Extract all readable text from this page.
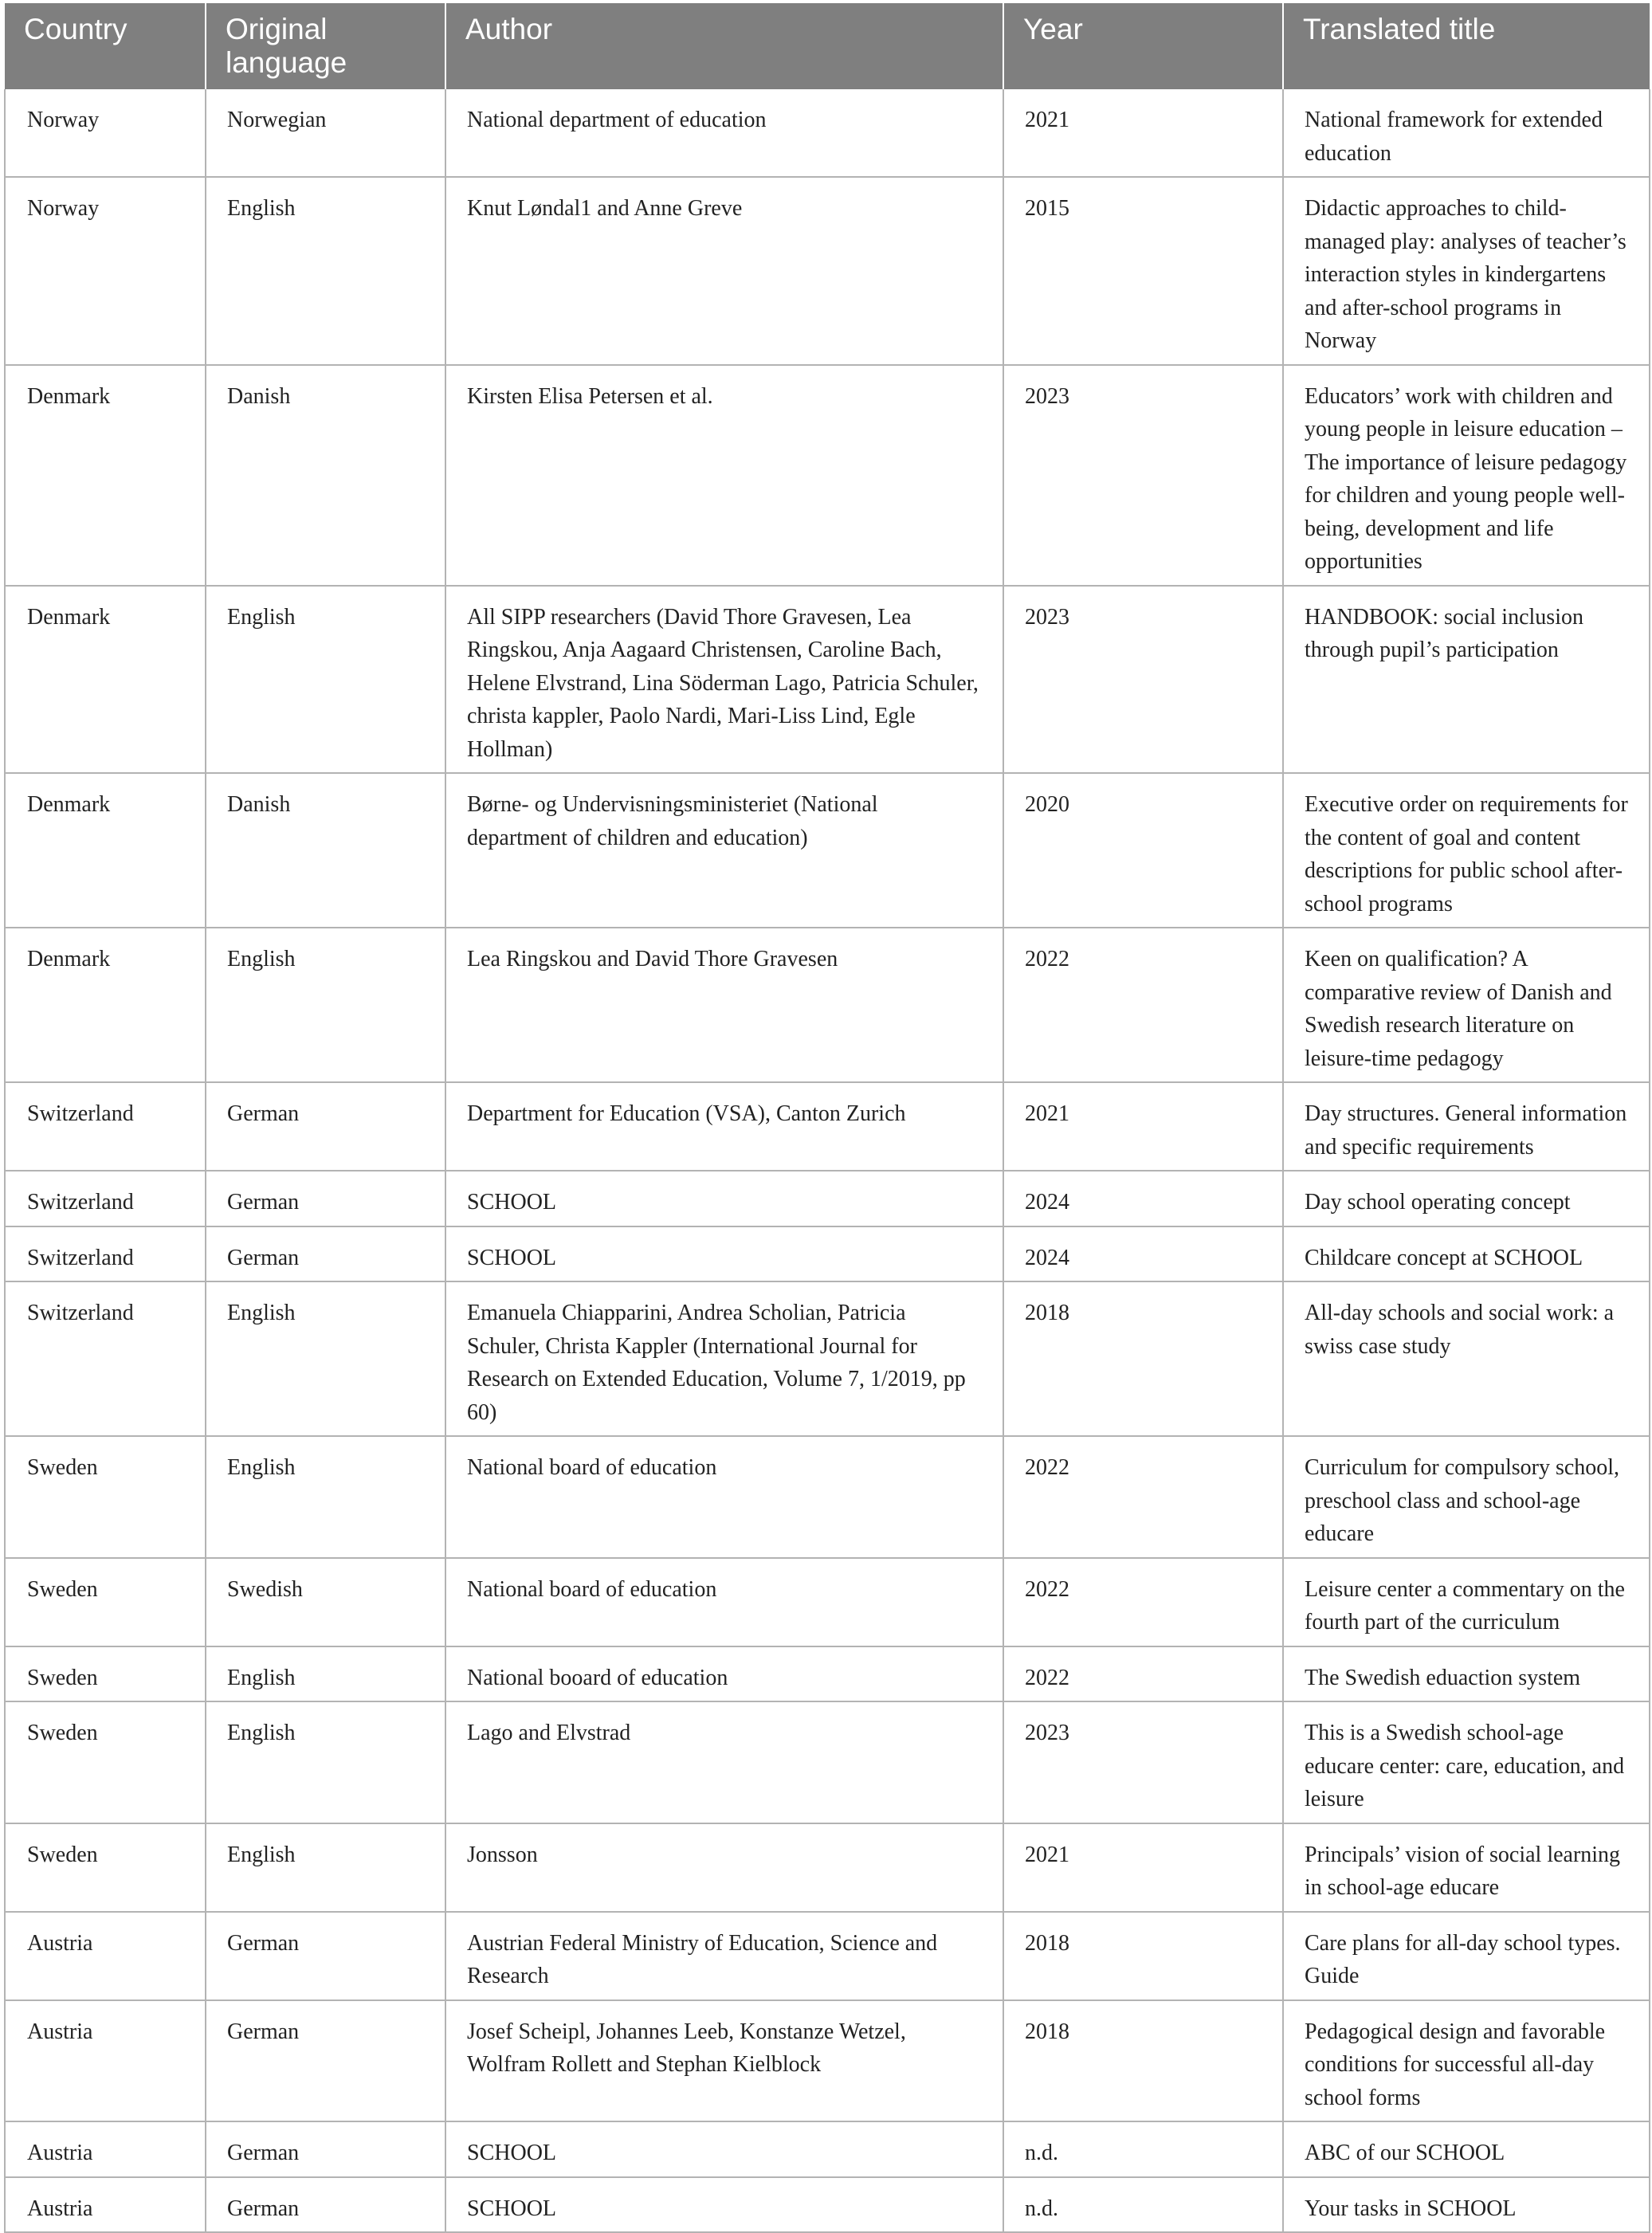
Country	Original language	Author	Year	Translated title
Norway	Norwegian	National department of education	2021	National framework for extended education
Norway	English	Knut Løndal1 and Anne Greve	2015	Didactic approaches to child-managed play: analyses of teacher’s interaction styles in kindergartens and after-school programs in Norway
Denmark	Danish	Kirsten Elisa Petersen et al.	2023	Educators’ work with children and young people in leisure education – The importance of leisure pedagogy for children and young people well-being, development and life opportunities
Denmark	English	All SIPP researchers (David Thore Gravesen, Lea Ringskou, Anja Aagaard Christensen, Caroline Bach, Helene Elvstrand, Lina Söderman Lago, Patricia Schuler, christa kappler, Paolo Nardi, Mari-Liss Lind, Egle Hollman)	2023	HANDBOOK: social inclusion through pupil’s participation
Denmark	Danish	Børne- og Undervisningsministeriet (National department of children and education)	2020	Executive order on requirements for the content of goal and content descriptions for public school after-school programs
Denmark	English	Lea Ringskou and David Thore Gravesen	2022	Keen on qualification? A comparative review of Danish and Swedish research literature on leisure-time pedagogy
Switzerland	German	Department for Education (VSA), Canton Zurich	2021	Day structures. General information and specific requirements
Switzerland	German	SCHOOL	2024	Day school operating concept
Switzerland	German	SCHOOL	2024	Childcare concept at SCHOOL
Switzerland	English	Emanuela Chiapparini, Andrea Scholian, Patricia Schuler, Christa Kappler (International Journal for Research on Extended Education, Volume 7, 1/2019, pp 60)	2018	All-day schools and social work: a swiss case study
Sweden	English	National board of education	2022	Curriculum for compulsory school, preschool class and school-age educare
Sweden	Swedish	National board of education	2022	Leisure center a commentary on the fourth part of the curriculum
Sweden	English	National booard of education	2022	The Swedish eduaction system
Sweden	English	Lago and Elvstrad	2023	This is a Swedish school-age educare center: care, education, and leisure
Sweden	English	Jonsson	2021	Principals’ vision of social learning in school-age educare
Austria	German	Austrian Federal Ministry of Education, Science and Research	2018	Care plans for all-day school types. Guide
Austria	German	Josef Scheipl, Johannes Leeb, Konstanze Wetzel, Wolfram Rollett and Stephan Kielblock	2018	Pedagogical design and favorable conditions for successful all-day school forms
Austria	German	SCHOOL	n.d.	ABC of our SCHOOL
Austria	German	SCHOOL	n.d.	Your tasks in SCHOOL
